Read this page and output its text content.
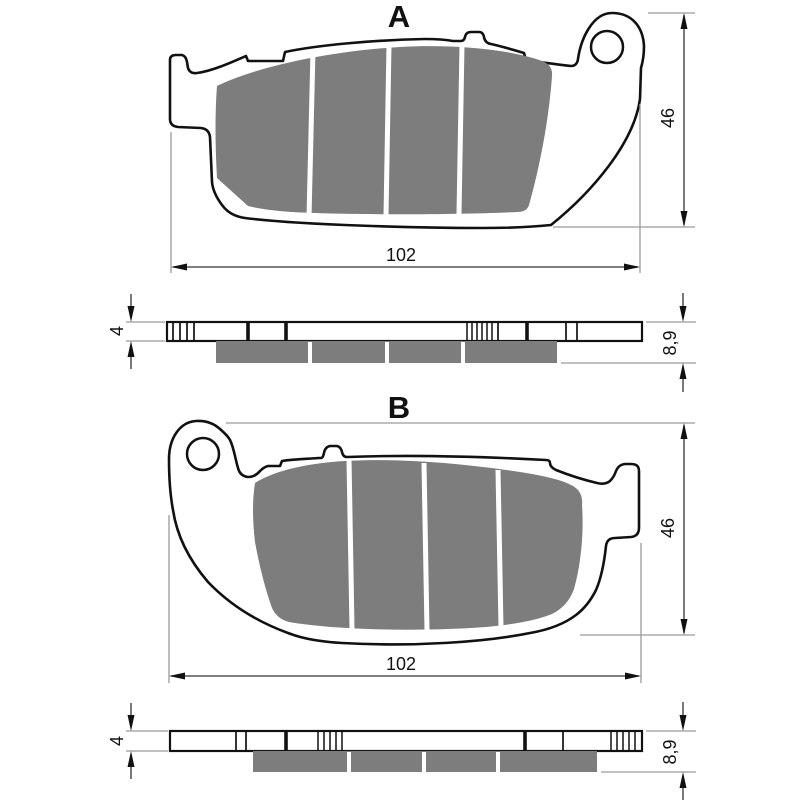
A
102
46
4	8,9
B
102
46
4	8,9
